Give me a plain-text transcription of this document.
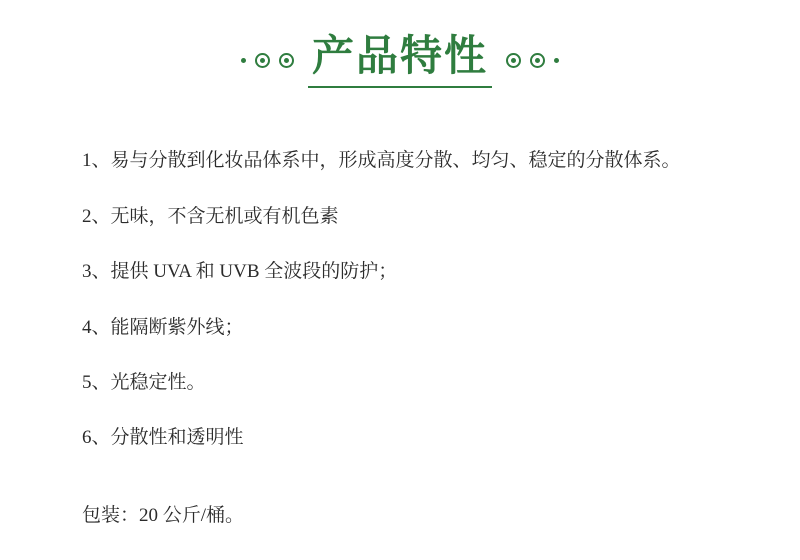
产品特性
1、易与分散到化妆品体系中，形成高度分散、均匀、稳定的分散体系。
2、无味，不含无机或有机色素
3、提供 UVA 和 UVB 全波段的防护；
4、能隔断紫外线；
5、光稳定性。
6、分散性和透明性
包装：20 公斤/桶。
